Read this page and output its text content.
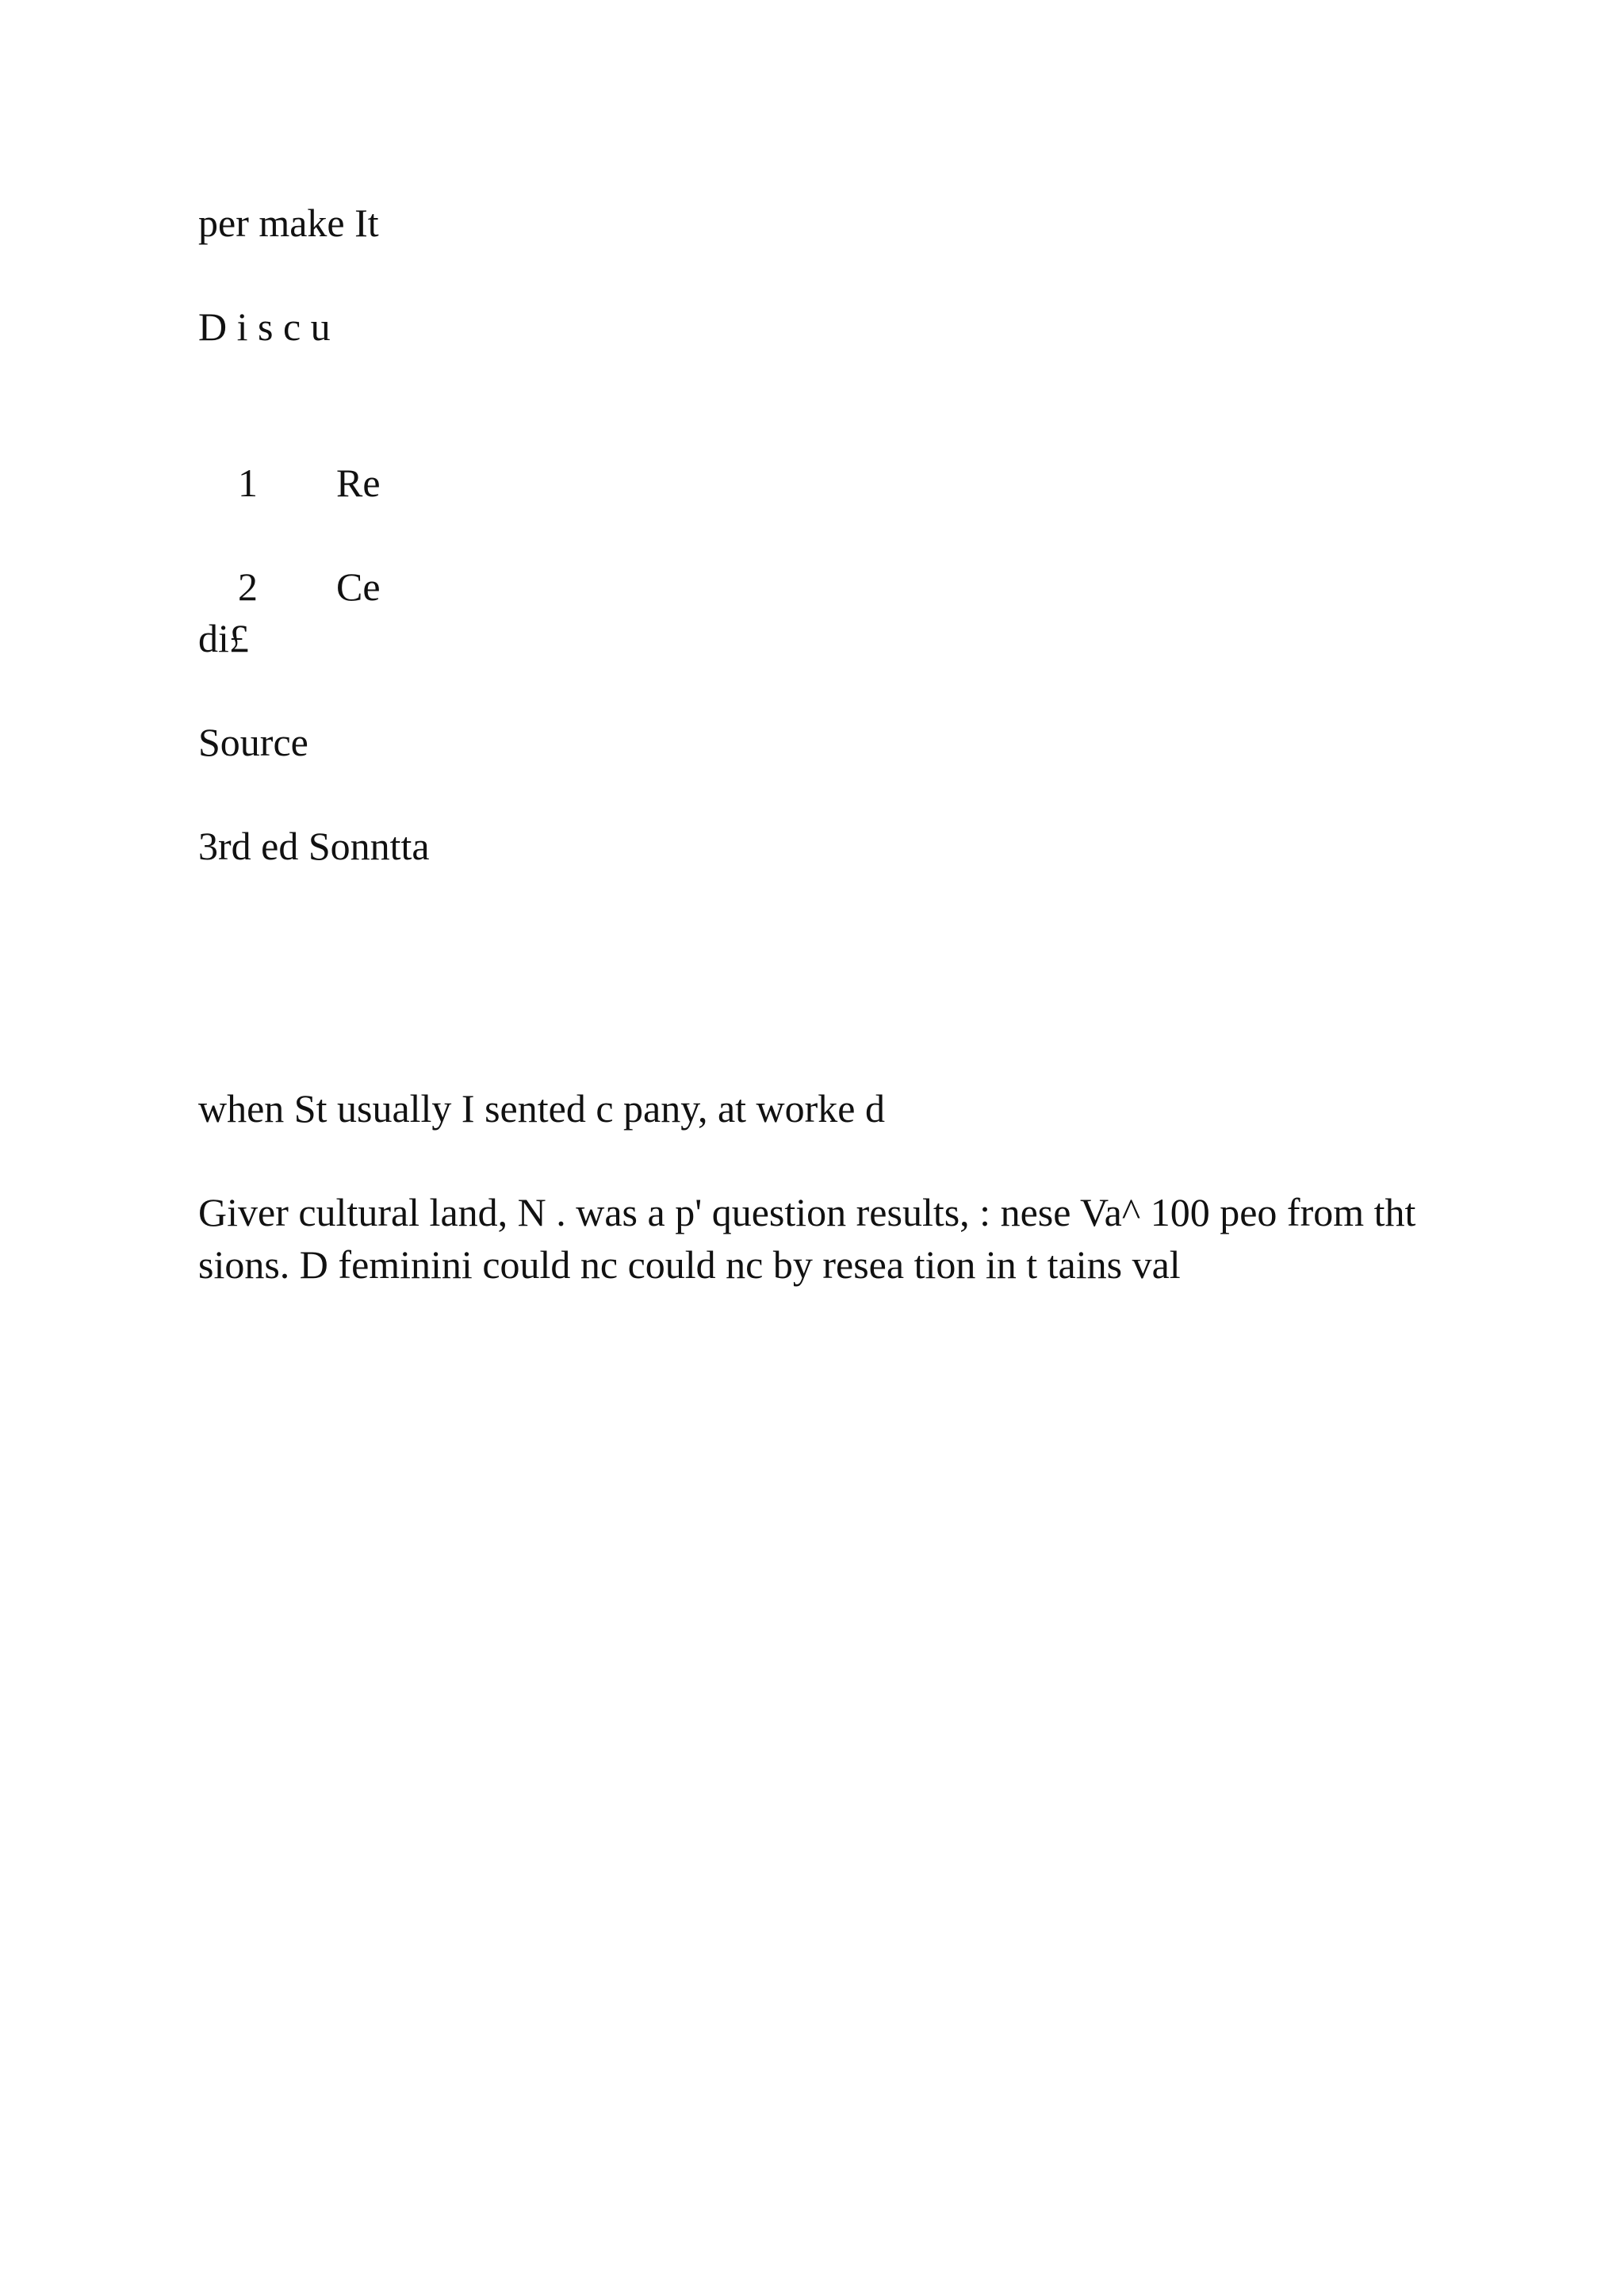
per make It
D i s c u

1 Re

2 Ce

di£
Source
3rd ed Sonntta
when St usually I sented c pany, at worke d
Giver cultural land, N . was a p' question results, : nese Va^ 100 peo from tht sions. D feminini could nc could nc by resea tion in t tains val
